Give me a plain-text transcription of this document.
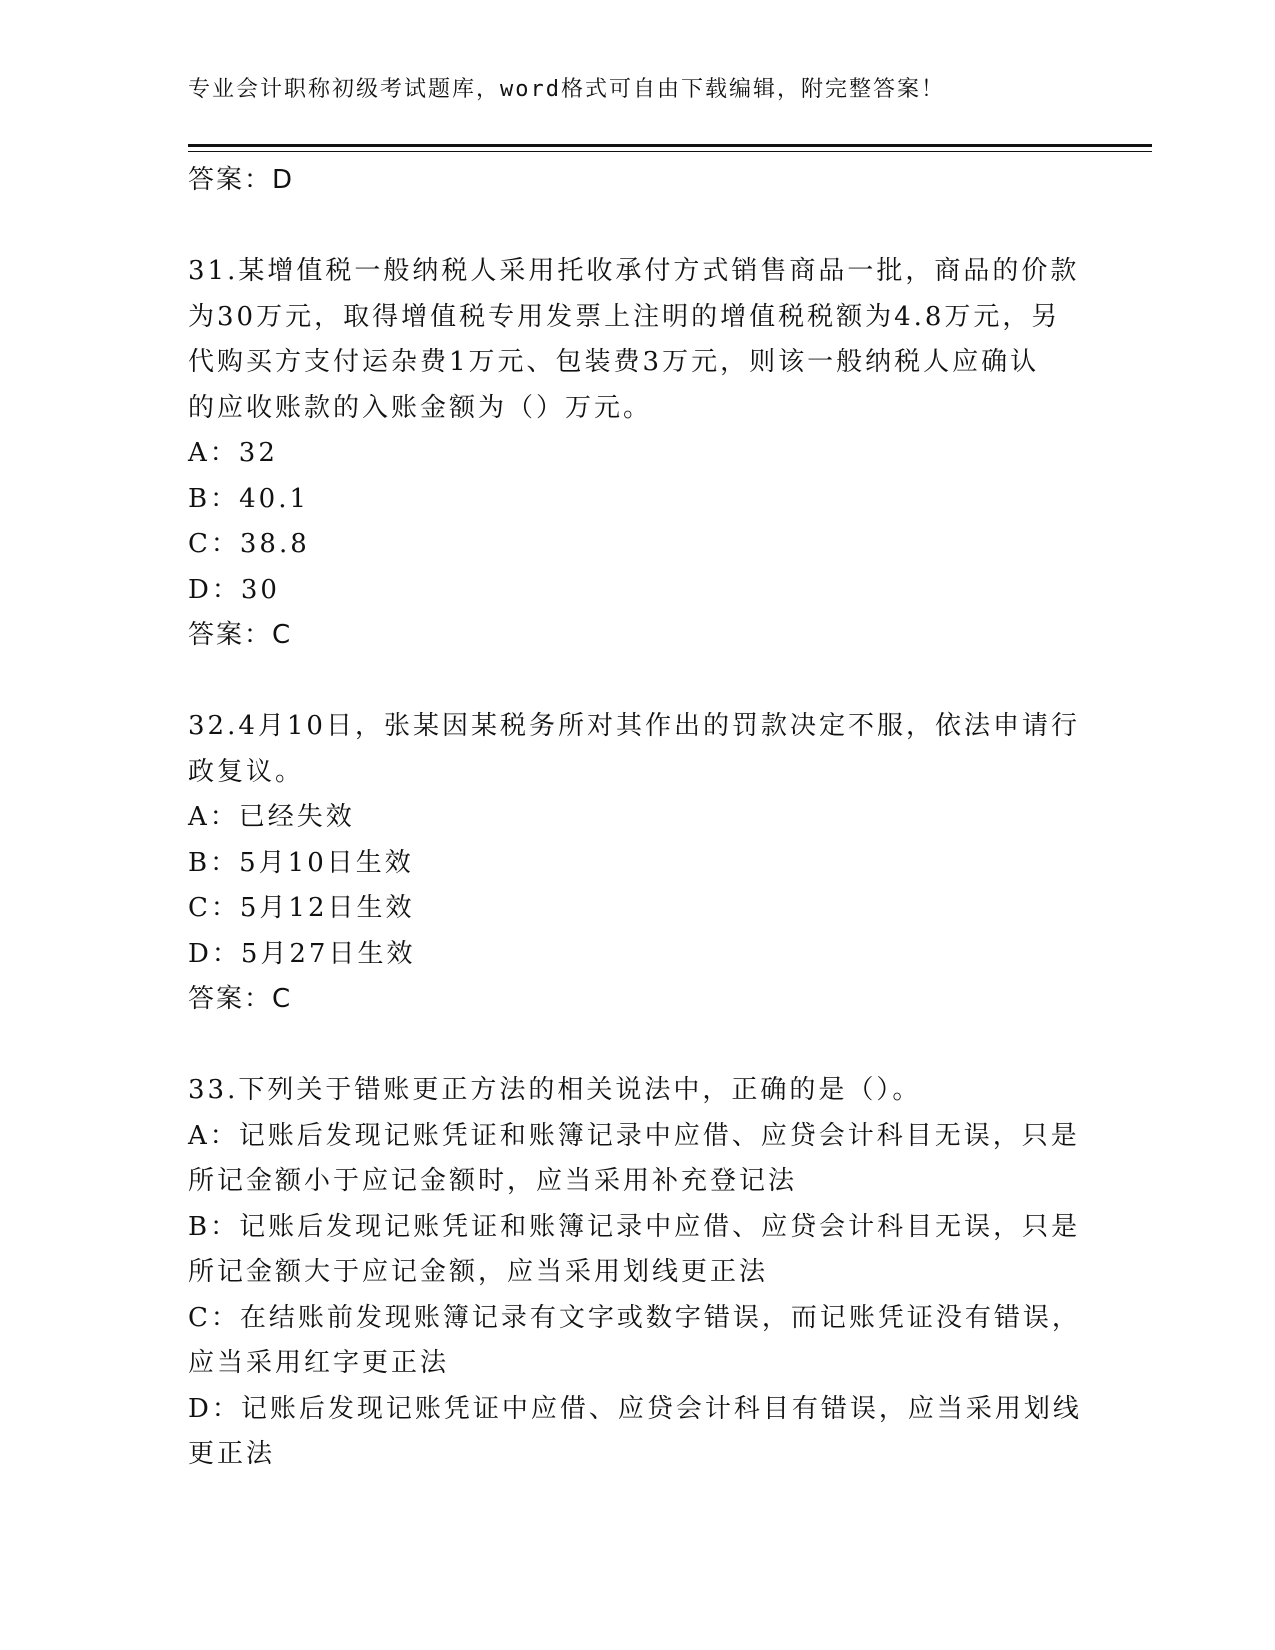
专业会计职称初级考试题库，word格式可自由下载编辑，附完整答案！
答案：D
31.某增值税一般纳税人采用托收承付方式销售商品一批，商品的价款
为30万元，取得增值税专用发票上注明的增值税税额为4.8万元，另
代购买方支付运杂费1万元、包装费3万元，则该一般纳税人应确认
的应收账款的入账金额为（）万元。
A：32
B：40.1
C：38.8
D：30
答案：C
32.4月10日，张某因某税务所对其作出的罚款决定不服，依法申请行
政复议。
A：已经失效
B：5月10日生效
C：5月12日生效
D：5月27日生效
答案：C
33.下列关于错账更正方法的相关说法中，正确的是（）。
A：记账后发现记账凭证和账簿记录中应借、应贷会计科目无误，只是
所记金额小于应记金额时，应当采用补充登记法
B：记账后发现记账凭证和账簿记录中应借、应贷会计科目无误，只是
所记金额大于应记金额，应当采用划线更正法
C：在结账前发现账簿记录有文字或数字错误，而记账凭证没有错误，
应当采用红字更正法
D：记账后发现记账凭证中应借、应贷会计科目有错误，应当采用划线
更正法
